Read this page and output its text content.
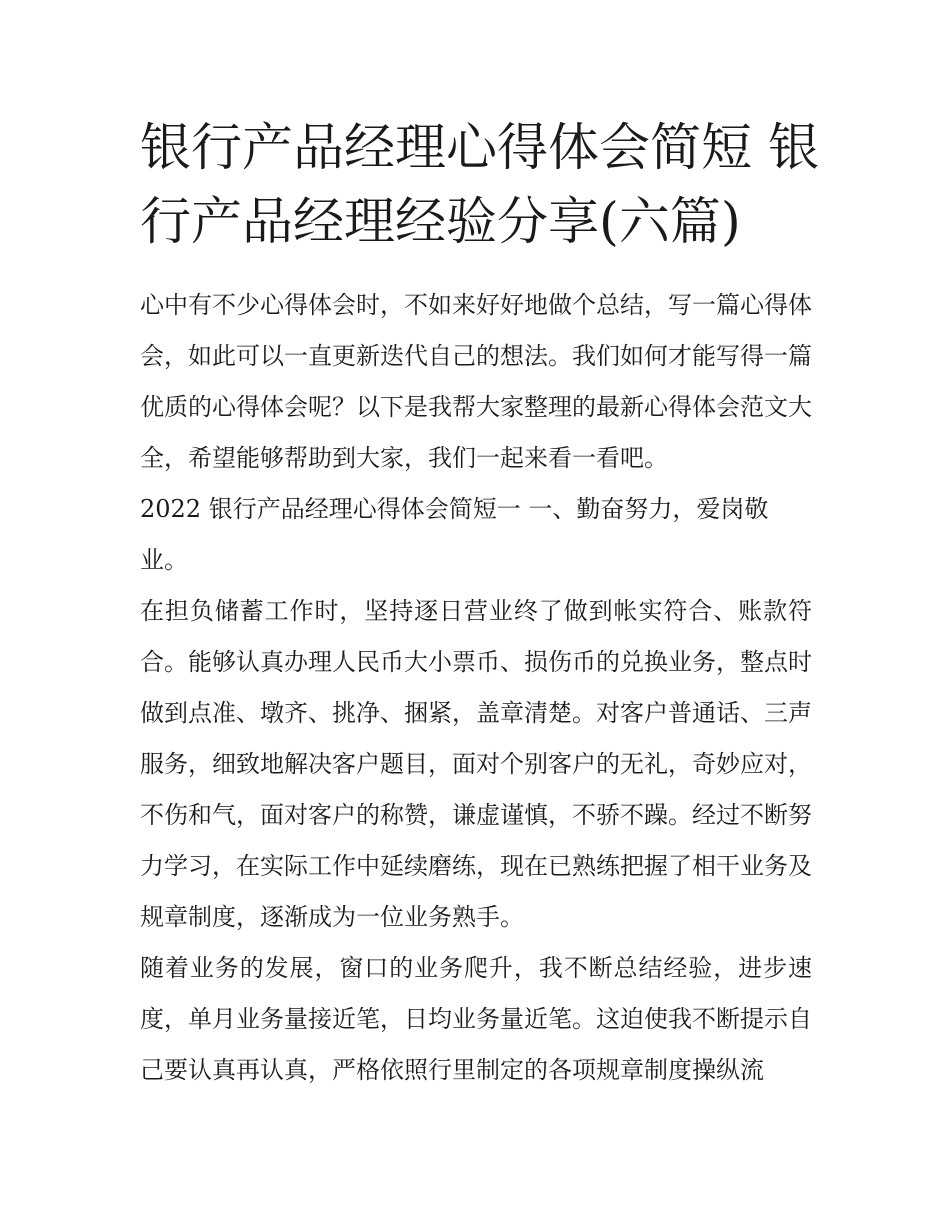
银行产品经理心得体会简短 银行产品经理经验分享(六篇)

心中有不少心得体会时，不如来好好地做个总结，写一篇心得体会，如此可以一直更新迭代自己的想法。我们如何才能写得一篇优质的心得体会呢？以下是我帮大家整理的最新心得体会范文大全，希望能够帮助到大家，我们一起来看一看吧。

2022 银行产品经理心得体会简短一 一、勤奋努力，爱岗敬业。

在担负储蓄工作时，坚持逐日营业终了做到帐实符合、账款符合。能够认真办理人民币大小票币、损伤币的兑换业务，整点时做到点准、墩齐、挑净、捆紧，盖章清楚。对客户普通话、三声服务，细致地解决客户题目，面对个别客户的无礼，奇妙应对，不伤和气，面对客户的称赞，谦虚谨慎，不骄不躁。经过不断努力学习，在实际工作中延续磨练，现在已熟练把握了相干业务及规章制度，逐渐成为一位业务熟手。

随着业务的发展，窗口的业务爬升，我不断总结经验，进步速度，单月业务量接近笔，日均业务量近笔。这迫使我不断提示自己要认真再认真，严格依照行里制定的各项规章制度操纵流
